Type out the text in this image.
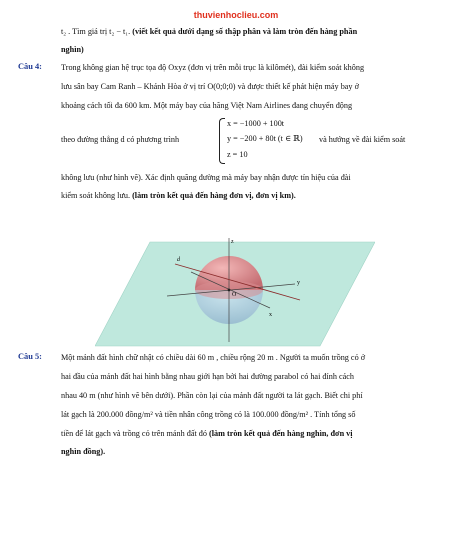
thuvienhoclieu.com
t₂ . Tìm giá trị t₂ − t₁. (viết kết quả dưới dạng số thập phân và làm tròn đến hàng phần
nghìn)
Câu 4: Trong không gian hệ trục tọa độ Oxyz (đơn vị trên mỗi trục là kilômét), đài kiểm soát không
lưu sân bay Cam Ranh – Khánh Hòa ở vị trí O(0;0;0) và được thiết kế phát hiện máy bay ở
khoảng cách tối đa 600 km. Một máy bay của hãng Việt Nam Airlines đang chuyển động
theo đường thẳng d có phương trình
x = −1000 + 100t
y = −200 + 80t (t ∈ ℝ)
z = 10
và hướng về đài kiểm soát
không lưu (như hình vẽ). Xác định quãng đường mà máy bay nhận được tín hiệu của đài
kiểm soát không lưu. (làm tròn kết quả đến hàng đơn vị, đơn vị km).
O
z
y
x
d
Câu 5: Một mảnh đất hình chữ nhật có chiều dài 60 m , chiều rộng 20 m . Người ta muốn trồng cỏ ở
hai đầu của mảnh đất hai hình bằng nhau giới hạn bởi hai đường parabol có hai đỉnh cách
nhau 40 m (như hình vẽ bên dưới). Phần còn lại của mảnh đất người ta lát gạch. Biết chi phí
lát gạch là 200.000 đồng/m² và tiền nhân công trồng cỏ là 100.000 đồng/m² . Tính tổng số
tiền để lát gạch và trồng cỏ trên mảnh đất đó (làm tròn kết quả đến hàng nghìn, đơn vị
nghìn đồng).
